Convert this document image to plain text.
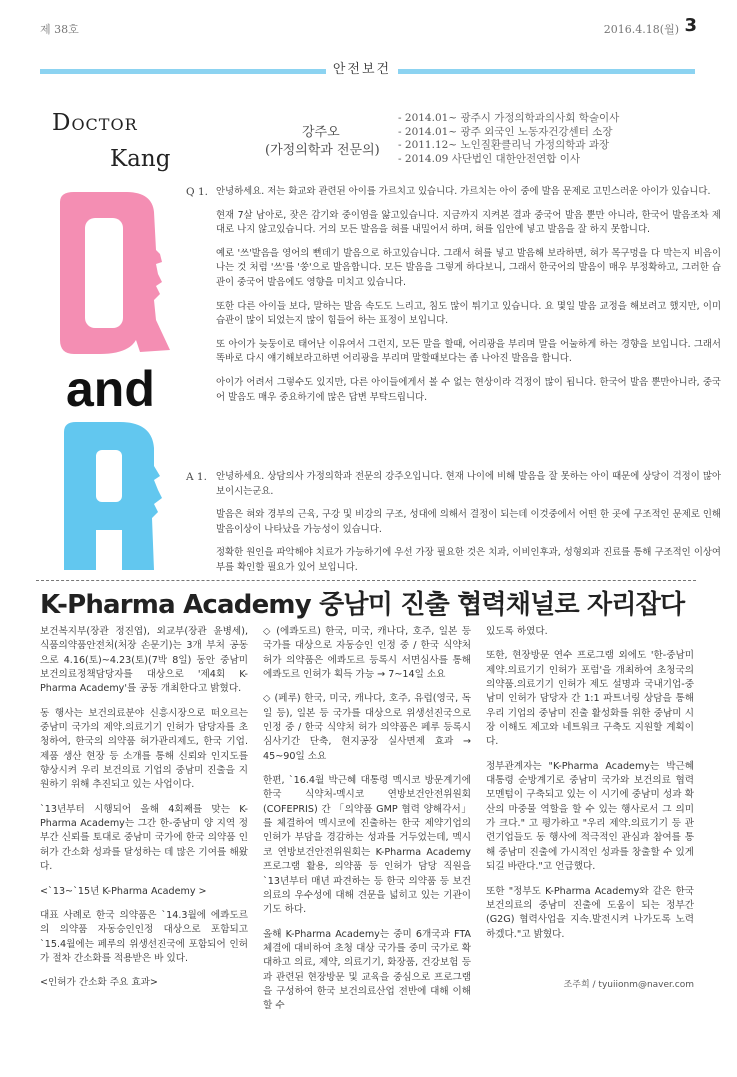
제 38호	2016.4.18(월) 3
안전보건
Doctor
Kang
and
강주오
(가정의학과 전문의)
- 2014.01~ 광주시 가정의학과의사회 학술이사
- 2014.01~ 광주 외국인 노동자건강센터 소장
- 2011.12~ 노인질환클리닉 가정의학과 과장
- 2014.09 사단법인 대한안전연합 이사
Q 1. 안녕하세요. 저는 화교와 관련된 아이를 가르치고 있습니다. 가르치는 아이 중에 발음 문제로 고민스러운 아이가 있습니다.

현재 7살 남아로, 잦은 감기와 중이염을 앓고있습니다. 지금까지 지켜본 결과 중국어 발음 뿐만 아니라, 한국어 발음조차 제대로 나지 않고있습니다. 거의 모든 발음을 혀를 내밀어서 하며, 혀를 입안에 넣고 발음을 잘 하지 못합니다.

예로 '쓰'발음을 영어의 뻔데기 발음으로 하고있습니다. 그래서 혀를 넣고 발음해 보라하면, 혀가 목구멍을 다 막는지 비음이 나는 것 처럼 '쓰'를 '쑹'으로 발음합니다. 모든 발음을 그렇게 하다보니, 그래서 한국어의 발음이 매우 부정확하고, 그러한 습관이 중국어 발음에도 영향을 미치고 있습니다.

또한 다른 아이들 보다, 말하는 발음 속도도 느리고, 침도 많이 튀기고 있습니다. 요 몇일 발음 교정을 해보려고 했지만, 이미 습관이 많이 되었는지 많이 힘들어 하는 표정이 보입니다.

또 아이가 늦둥이로 태어난 이유여서 그런지, 모든 말을 할때, 어리광을 부리며 말을 어눌하게 하는 경향을 보입니다. 그래서 똑바로 다시 얘기해보라고하면 어리광을 부리며 말할때보다는 좀 나아진 발음을 합니다.

아이가 어려서 그렇수도 있지만, 다른 아이들에게서 볼 수 없는 현상이라 걱정이 많이 됩니다. 한국어 발음 뿐만아니라, 중국어 발음도 매우 중요하기에 많은 답변 부탁드립니다.

A 1. 안녕하세요. 상담의사 가정의학과 전문의 강주오입니다. 현재 나이에 비해 발음을 잘 못하는 아이 때문에 상당이 걱정이 많아 보이시는군요.

발음은 혀와 경부의 근육, 구강 및 비강의 구조, 성대에 의해서 결정이 되는데 이것중에서 어떤 한 곳에 구조적인 문제로 인해 발음이상이 나타났을 가능성이 있습니다.

정확한 원인을 파악해야 치료가 가능하기에 우선 가장 필요한 것은 치과, 이비인후과, 성형외과 진료를 통해 구조적인 이상여부를 확인할 필요가 있어 보입니다.

K-Pharma Academy 중남미 진출 협력채널로 자리잡다

보건복지부(장관 정진엽), 외교부(장관 윤병세), 식품의약품안전처(처장 손문기)는 3개 부처 공동으로 4.16(토)~4.23(토)(7박 8일) 동안 중남미 보건의료정책담당자를 대상으로 '제4회 K-Pharma Academy'를 공동 개최한다고 밝혔다.

동 행사는 보건의료분야 신흥시장으로 떠오르는 중남미 국가의 제약.의료기기 인허가 담당자를 초청하여, 한국의 의약품 허가관리제도, 한국 기업.제품 생산 현장 등 소개를 통해 신뢰와 인지도를 향상시켜 우리 보건의료 기업의 중남미 진출을 지원하기 위해 추진되고 있는 사업이다.

`13년부터 시행되어 올해 4회째를 맞는 K-Pharma Academy는 그간 한-중남미 양 지역 정부간 신뢰를 토대로 중남미 국가에 한국 의약품 인허가 간소화 성과를 달성하는 데 많은 기여를 해왔다.

<`13~`15년 K-Pharma Academy >

대표 사례로 한국 의약품은 `14.3월에 에콰도르의 의약품 자동승인인정 대상으로 포함되고 `15.4월에는 페루의 위생선진국에 포함되어 인허가 절차 간소화를 적용받은 바 있다.

<인허가 간소화 주요 효과>

◇ (에콰도르) 한국, 미국, 캐나다, 호주, 일본 등 국가를 대상으로 자동승인 인정 중 / 한국 식약처 허가 의약품은 에콰도르 등록시 서면심사를 통해 에콰도르 인허가 획득 가능 → 7~14일 소요

◇ (페루) 한국, 미국, 캐나다, 호주, 유럽(영국, 독일 등), 일본 등 국가를 대상으로 위생선진국으로 인정 중 / 한국 식약처 허가 의약품은 페루 등록시 심사기간 단축, 현지공장 실사면제 효과 → 45~90일 소요

한편, `16.4월 박근혜 대통령 멕시코 방문계기에 한국 식약처-멕시코 연방보건안전위원회(COFEPRIS) 간 「의약품 GMP 협력 양해각서」를 체결하여 멕시코에 진출하는 한국 제약기업의 인허가 부담을 경감하는 성과를 거두었는데, 멕시코 연방보건안전위원회는 K-Pharma Academy 프로그램 활용, 의약품 등 인허가 담당 직원을 `13년부터 매년 파견하는 등 한국 의약품 등 보건의료의 우수성에 대해 견문을 넓히고 있는 기관이기도 하다.

올해 K-Pharma Academy는 중미 6개국과 FTA 체결에 대비하여 초청 대상 국가를 중미 국가로 확대하고 의료, 제약, 의료기기, 화장품, 건강보험 등과 관련된 현장방문 및 교육을 중심으로 프로그램을 구성하여 한국 보건의료산업 전반에 대해 이해할 수

있도록 하였다.

또한, 현장방문 연수 프로그램 외에도 '한-중남미 제약.의료기기 인허가 포럼'을 개최하여 초청국의 의약품.의료기기 인허가 제도 설명과 국내기업-중남미 인허가 담당자 간 1:1 파트너링 상담을 통해 우리 기업의 중남미 진출 활성화를 위한 중남미 시장 이해도 제고와 네트워크 구축도 지원할 계획이다.

정부관계자는 "K-Pharma Academy는 박근혜 대통령 순방계기로 중남미 국가와 보건의료 협력 모멘텀이 구축되고 있는 이 시기에 중남미 성과 확산의 마중물 역할을 할 수 있는 행사로서 그 의미가 크다." 고 평가하고 "우리 제약.의료기기 등 관련기업들도 동 행사에 적극적인 관심과 참여를 통해 중남미 진출에 가시적인 성과를 창출할 수 있게 되길 바란다."고 언급했다.

또한 "정부도 K-Pharma Academy와 같은 한국 보건의료의 중남미 진출에 도움이 되는 정부간(G2G) 협력사업을 지속.발전시켜 나가도록 노력하겠다."고 밝혔다.

조주희 / tyuiionm@naver.com
